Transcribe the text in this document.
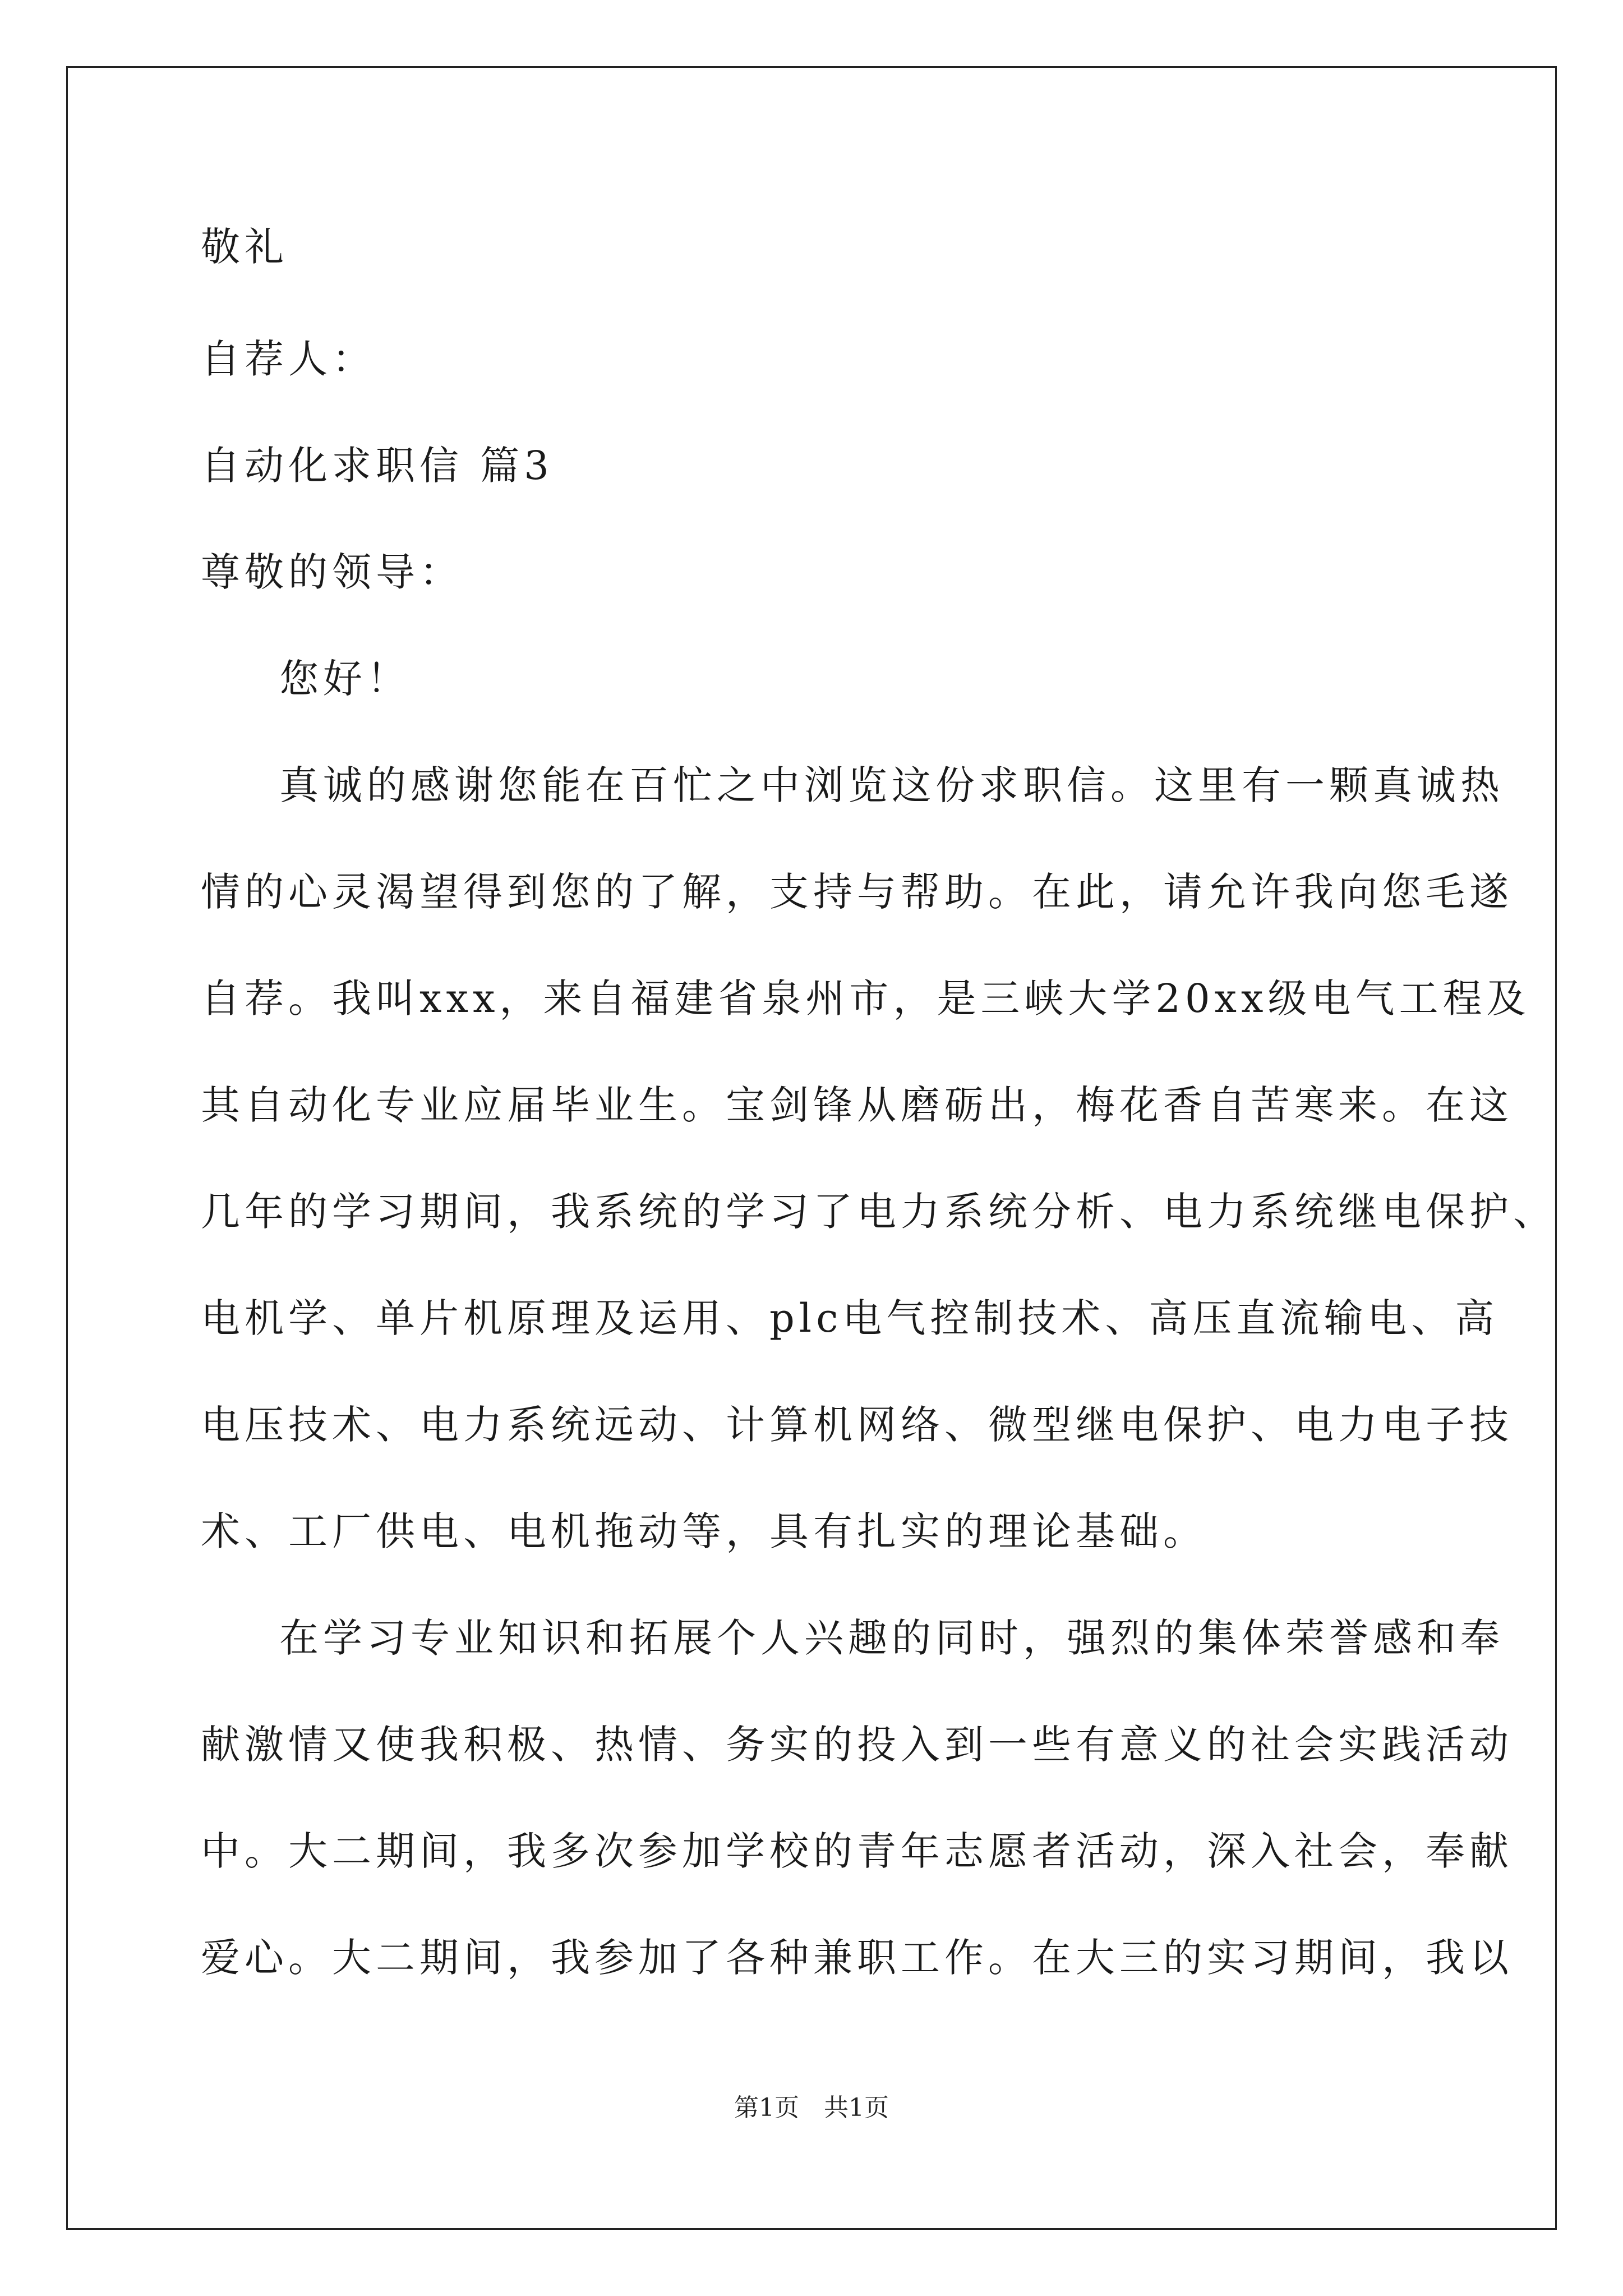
敬礼
自荐人：
自动化求职信 篇3
尊敬的领导：
您好！
真诚的感谢您能在百忙之中浏览这份求职信。这里有一颗真诚热
情的心灵渴望得到您的了解，支持与帮助。在此，请允许我向您毛遂
自荐。我叫xxx，来自福建省泉州市，是三峡大学20xx级电气工程及
其自动化专业应届毕业生。宝剑锋从磨砺出，梅花香自苦寒来。在这
几年的学习期间，我系统的学习了电力系统分析、电力系统继电保护、
电机学、单片机原理及运用、plc电气控制技术、高压直流输电、高
电压技术、电力系统远动、计算机网络、微型继电保护、电力电子技
术、工厂供电、电机拖动等，具有扎实的理论基础。
在学习专业知识和拓展个人兴趣的同时，强烈的集体荣誉感和奉
献激情又使我积极、热情、务实的投入到一些有意义的社会实践活动
中。大二期间，我多次参加学校的青年志愿者活动，深入社会，奉献
爱心。大二期间，我参加了各种兼职工作。在大三的实习期间，我以
第1页　共1页
